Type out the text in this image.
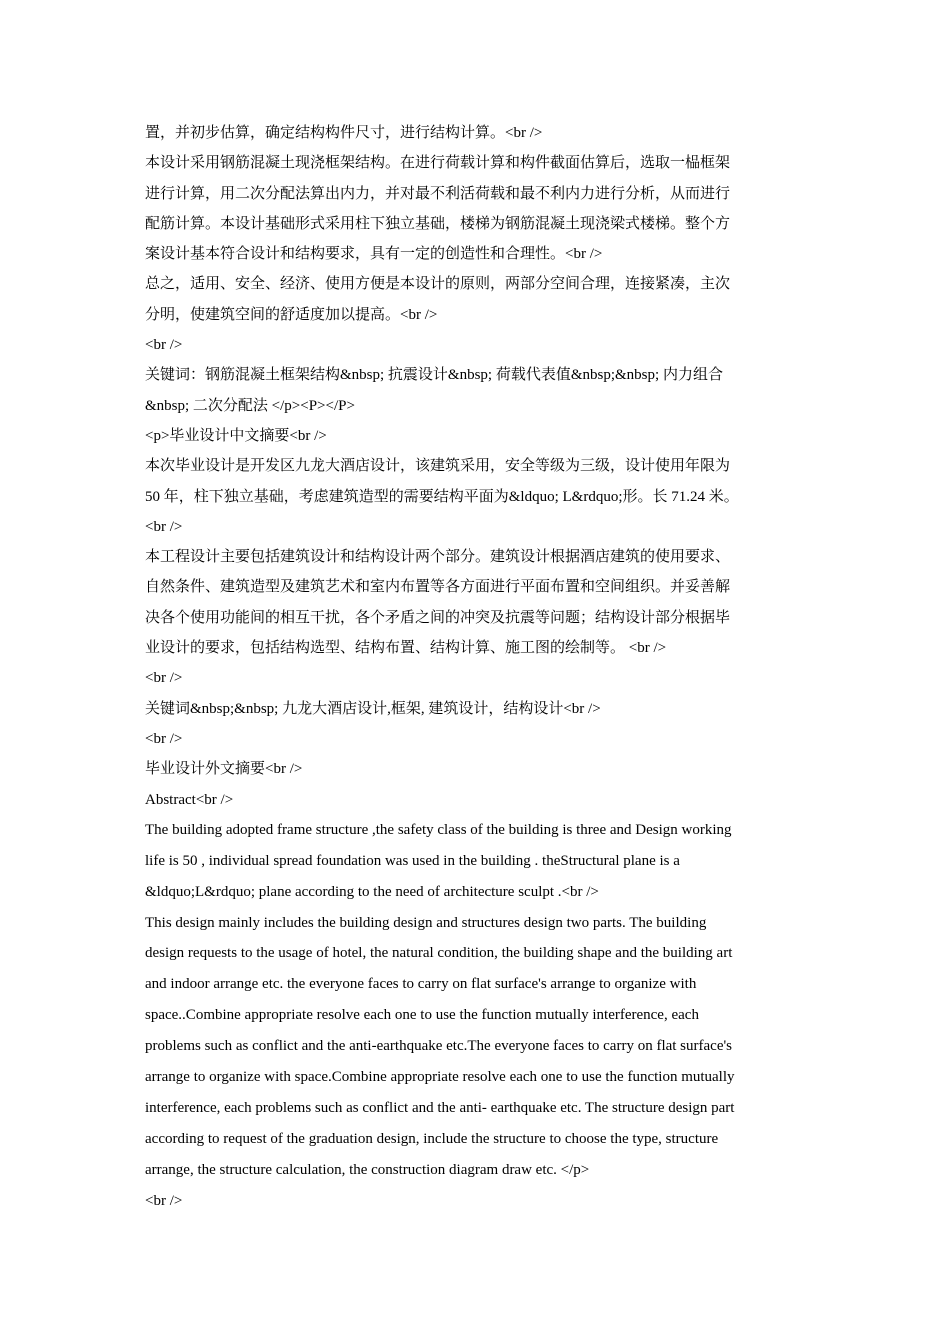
置，并初步估算，确定结构构件尺寸，进行结构计算。<br />
本设计采用钢筋混凝土现浇框架结构。在进行荷载计算和构件截面估算后，选取一榀框架
进行计算，用二次分配法算出内力，并对最不利活荷载和最不利内力进行分析，从而进行
配筋计算。本设计基础形式采用柱下独立基础，楼梯为钢筋混凝土现浇梁式楼梯。整个方
案设计基本符合设计和结构要求，具有一定的创造性和合理性。<br />
总之，适用、安全、经济、使用方便是本设计的原则，两部分空间合理，连接紧凑，主次
分明，使建筑空间的舒适度加以提高。<br />
<br />
关键词：钢筋混凝土框架结构&nbsp; 抗震设计&nbsp; 荷载代表值&nbsp;&nbsp; 内力组合
&nbsp; 二次分配法 </p><P></P>
<p>毕业设计中文摘要<br />
本次毕业设计是开发区九龙大酒店设计，该建筑采用，安全等级为三级，设计使用年限为
50 年，柱下独立基础，考虑建筑造型的需要结构平面为&ldquo; L&rdquo;形。长 71.24 米。
<br />
本工程设计主要包括建筑设计和结构设计两个部分。建筑设计根据酒店建筑的使用要求、
自然条件、建筑造型及建筑艺术和室内布置等各方面进行平面布置和空间组织。并妥善解
决各个使用功能间的相互干扰，各个矛盾之间的冲突及抗震等问题；结构设计部分根据毕
业设计的要求，包括结构选型、结构布置、结构计算、施工图的绘制等。 <br />
<br />
关键词&nbsp;&nbsp; 九龙大酒店设计,框架, 建筑设计，结构设计<br />
<br />
毕业设计外文摘要<br />
Abstract<br />
The building adopted frame structure ,the safety class of the building is three and Design working
life is 50 , individual spread foundation was used in the building . theStructural plane is a
&ldquo;L&rdquo; plane according to the need of architecture sculpt .<br />
This design mainly includes the building design and structures design two parts. The building
design requests to the usage of hotel, the natural condition, the building shape and the building art
and indoor arrange etc. the everyone faces to carry on flat surface's arrange to organize with
space..Combine appropriate resolve each one to use the function mutually interference, each
problems such as conflict and the anti-earthquake etc.The everyone faces to carry on flat surface's
arrange to organize with space.Combine appropriate resolve each one to use the function mutually
interference, each problems such as conflict and the anti- earthquake etc. The structure design part
according to request of the graduation design, include the structure to choose the type, structure
arrange, the structure calculation, the construction diagram draw etc. </p>
<br />
